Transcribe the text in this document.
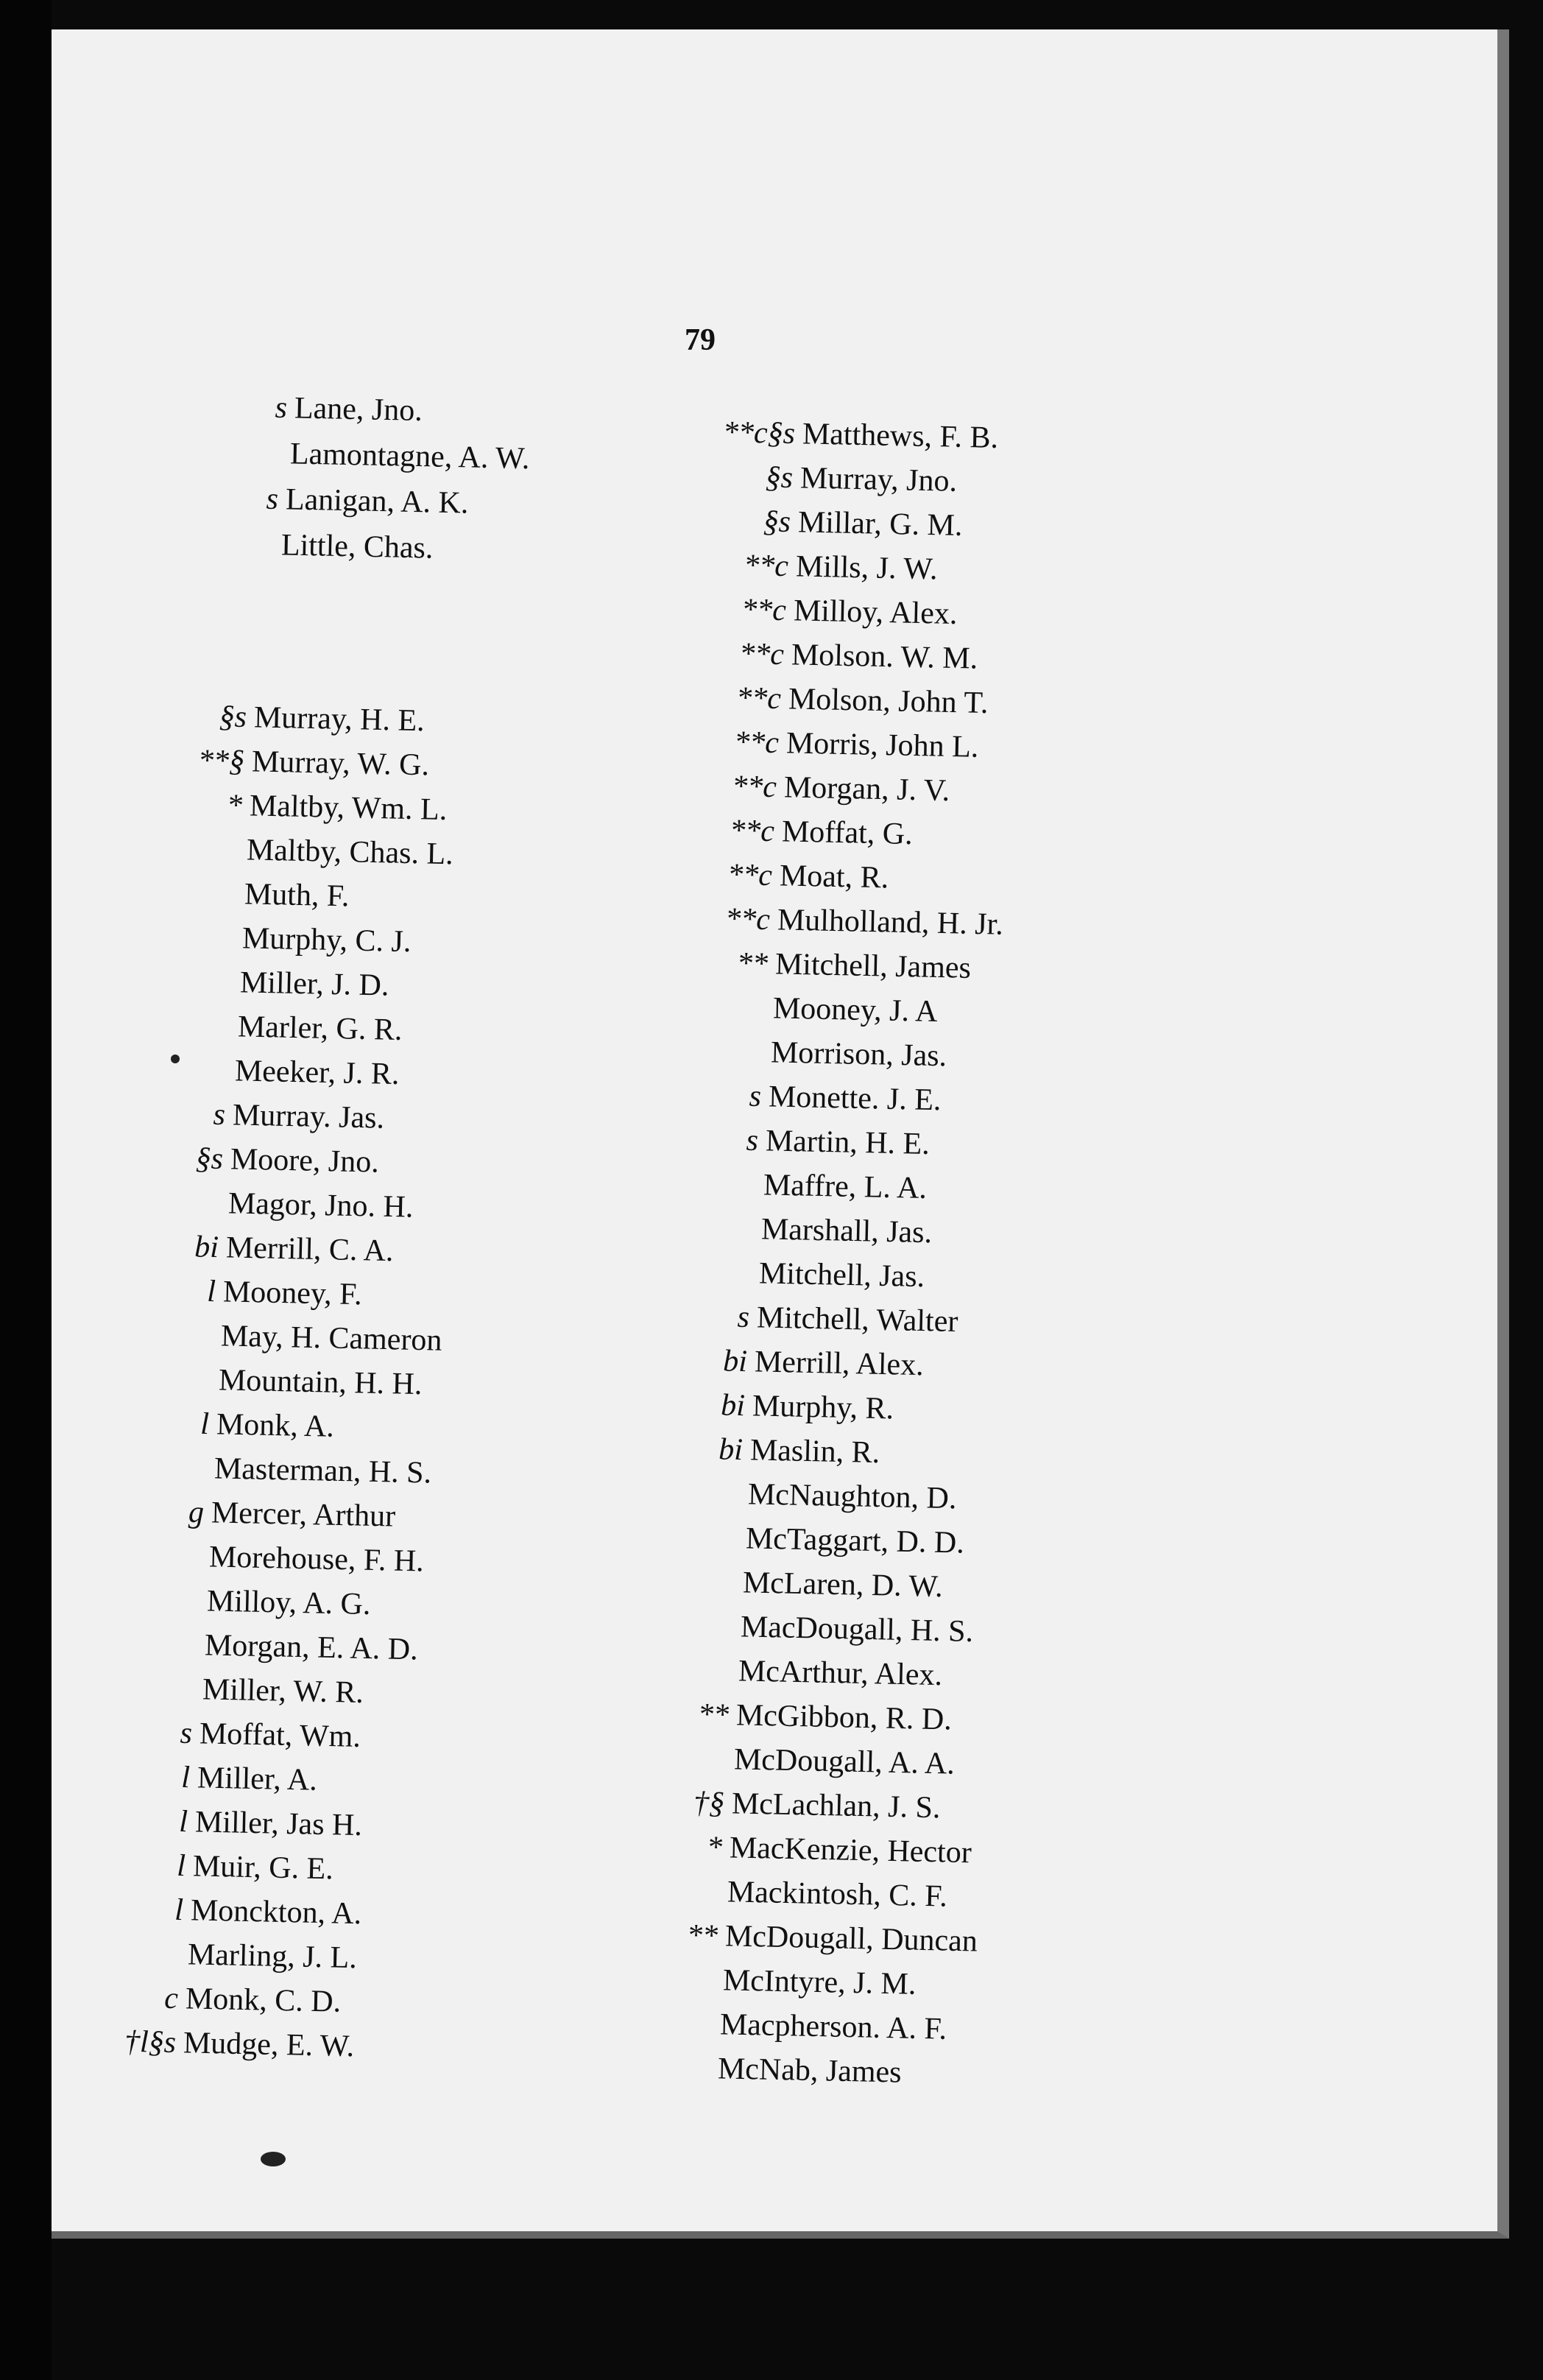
79
s Lane, Jno.
Lamontagne, A. W.
s Lanigan, A. K.
Little, Chas.
§s Murray, H. E.
**§ Murray, W. G.
* Maltby, Wm. L.
Maltby, Chas. L.
Muth, F.
Murphy, C. J.
Miller, J. D.
Marler, G. R.
Meeker, J. R.
s Murray. Jas.
§s Moore, Jno.
Magor, Jno. H.
bi Merrill, C. A.
l Mooney, F.
May, H. Cameron
Mountain, H. H.
l Monk, A.
Masterman, H. S.
g Mercer, Arthur
Morehouse, F. H.
Milloy, A. G.
Morgan, E. A. D.
Miller, W. R.
s Moffat, Wm.
l Miller, A.
l Miller, Jas H.
l Muir, G. E.
l Monckton, A.
Marling, J. L.
c Monk, C. D.
†l§s Mudge, E. W.
**c§s Matthews, F. B.
§s Murray, Jno.
§s Millar, G. M.
**c Mills, J. W.
**c Milloy, Alex.
**c Molson. W. M.
**c Molson, John T.
**c Morris, John L.
**c Morgan, J. V.
**c Moffat, G.
**c Moat, R.
**c Mulholland, H. Jr.
** Mitchell, James
Mooney, J. A
Morrison, Jas.
s Monette. J. E.
s Martin, H. E.
Maffre, L. A.
Marshall, Jas.
Mitchell, Jas.
s Mitchell, Walter
bi Merrill, Alex.
bi Murphy, R.
bi Maslin, R.
McNaughton, D.
McTaggart, D. D.
McLaren, D. W.
MacDougall, H. S.
McArthur, Alex.
** McGibbon, R. D.
McDougall, A. A.
†§ McLachlan, J. S.
* MacKenzie, Hector
Mackintosh, C. F.
** McDougall, Duncan
McIntyre, J. M.
Macpherson. A. F.
McNab, James
